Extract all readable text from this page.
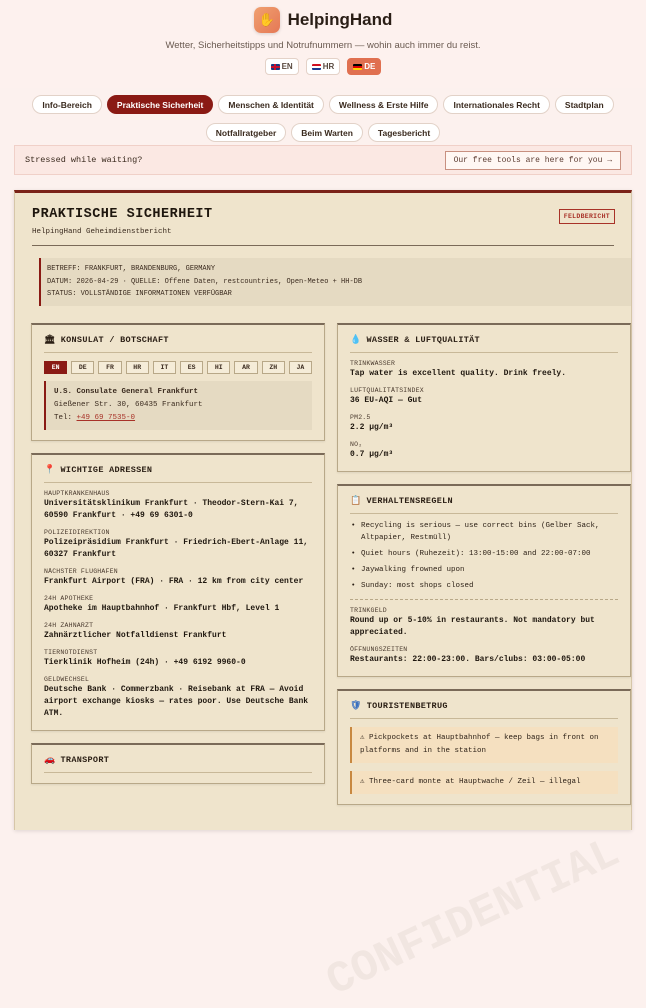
✋ HelpingHand
Wetter, Sicherheitstipps und Notrufnummern — wohin auch immer du reist.
EN	HR	DE
Info-Bereich	Praktische Sicherheit	Menschen & Identität	Wellness & Erste Hilfe	Internationales Recht	Stadtplan
Notfallratgeber	Beim Warten	Tagesbericht
Stressed while waiting?	Our free tools are here for you →
PRAKTISCHE SICHERHEIT
HelpingHand Geheimdienstbericht
FELDBERICHT
BETREFF: FRANKFURT, BRANDENBURG, GERMANY
DATUM: 2026-04-29 · QUELLE: Offene Daten, restcountries, Open-Meteo + HH-DB
STATUS: VOLLSTÄNDIGE INFORMATIONEN VERFÜGBAR
🏛 KONSULAT / BOTSCHAFT
EN	DE	FR	HR	IT	ES	HI	AR	ZH	JA
U.S. Consulate General Frankfurt
Gießener Str. 30, 60435 Frankfurt
Tel: +49 69 7535-0
📍 WICHTIGE ADRESSEN
HAUPTKRANKENHAUS
Universitätsklinikum Frankfurt · Theodor-Stern-Kai 7, 60590 Frankfurt · +49 69 6301-0
POLIZEIDIREKTION
Polizeipräsidium Frankfurt · Friedrich-Ebert-Anlage 11, 60327 Frankfurt
NÄCHSTER FLUGHAFEN
Frankfurt Airport (FRA) · FRA · 12 km from city center
24H APOTHEKE
Apotheke im Hauptbahnhof · Frankfurt Hbf, Level 1
24H ZAHNARZT
Zahnärztlicher Notfalldienst Frankfurt
TIERNOTDIENST
Tierklinik Hofheim (24h) · +49 6192 9960-0
GELDWECHSEL
Deutsche Bank · Commerzbank · Reisebank at FRA — Avoid airport exchange kiosks — rates poor. Use Deutsche Bank ATM.
🚗 TRANSPORT
💧 WASSER & LUFTQUALITÄT
TRINKWASSER
Tap water is excellent quality. Drink freely.
LUFTQUALITÄTSINDEX
36 EU-AQI — Gut
PM2.5
2.2 µg/m³
NO₂
0.7 µg/m³
📋 VERHALTENSREGELN
• Recycling is serious — use correct bins (Gelber Sack, Altpapier, Restmüll)
• Quiet hours (Ruhezeit): 13:00-15:00 and 22:00-07:00
• Jaywalking frowned upon
• Sunday: most shops closed
TRINKGELD
Round up or 5-10% in restaurants. Not mandatory but appreciated.
ÖFFNUNGSZEITEN
Restaurants: 22:00-23:00. Bars/clubs: 03:00-05:00
🛡 TOURISTENBETRUG
⚠ Pickpockets at Hauptbahnhof — keep bags in front on platforms and in the station
⚠ Three-card monte at Hauptwache / Zeil — illegal
CONFIDENTIAL
